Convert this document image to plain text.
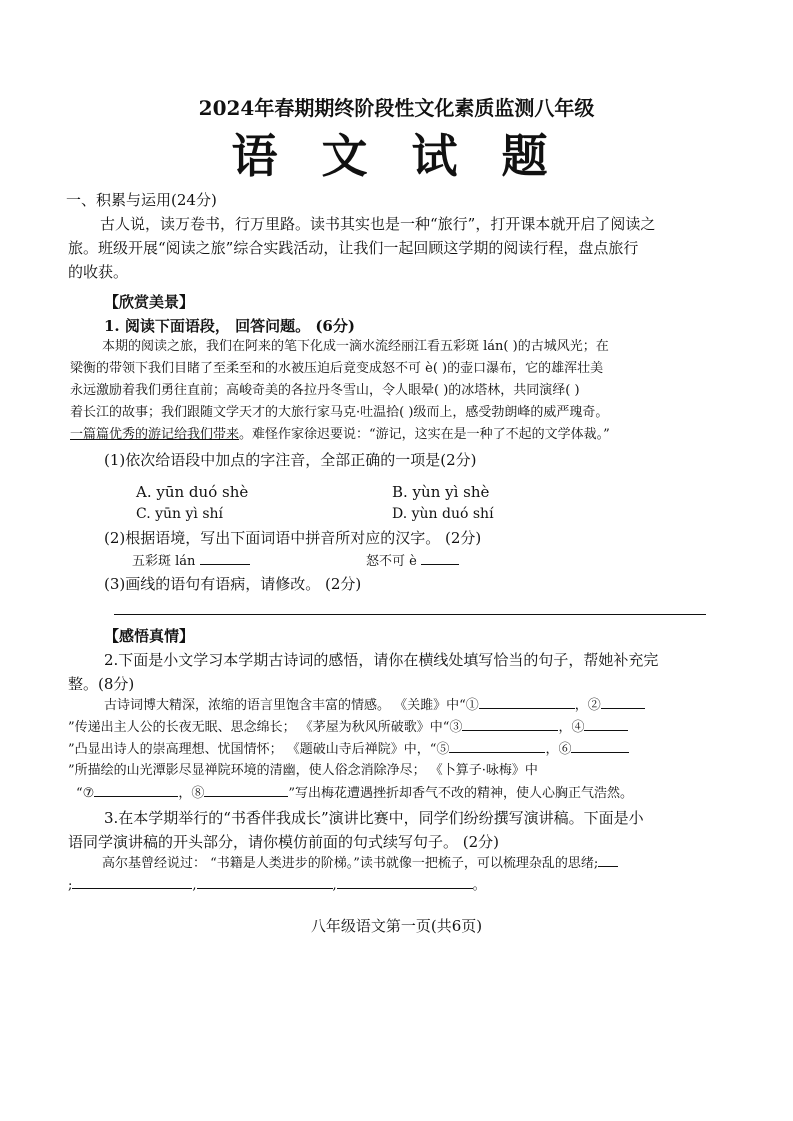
2024年春期期终阶段性文化素质监测八年级
语 文 试 题
一、积累与运用(24分)
古人说，读万卷书，行万里路。读书其实也是一种“旅行”，打开课本就开启了阅读之
旅。班级开展“阅读之旅”综合实践活动，让我们一起回顾这学期的阅读行程，盘点旅行
的收获。
【欣赏美景】
1. 阅读下面语段， 回答问题。 (6分)
本期的阅读之旅，我们在阿来的笔下化成一滴水流经丽江看五彩斑 lán( )的古城风光；在
梁衡的带领下我们目睹了至柔至和的水被压迫后竟变成怒不可 è( )的壶口瀑布，它的雄浑壮美
永远激励着我们勇往直前；高峻奇美的各拉丹冬雪山，令人眼晕( )的冰塔林，共同演绎( )
着长江的故事；我们跟随文学天才的大旅行家马克·吐温拾( )级而上，感受勃朗峰的威严瑰奇。
一篇篇优秀的游记给我们带来。难怪作家徐迟要说：“游记，这实在是一种了不起的文学体裁。”
(1)依次给语段中加点的字注音，全部正确的一项是(2分)
A. yūn duó shè	B. yùn yì shè
C. yūn yì shí	D. yùn duó shí
(2)根据语境，写出下面词语中拼音所对应的汉字。 (2分)
五彩斑 lán	怒不可 è
(3)画线的语句有语病，请修改。 (2分)
【感悟真情】
2.下面是小文学习本学期古诗词的感悟，请你在横线处填写恰当的句子，帮她补充完
整。(8分)
古诗词博大精深，浓缩的语言里饱含丰富的情感。 《关雎》中“①	，②
”传递出主人公的长夜无眠、思念绵长； 《茅屋为秋风所破歌》中“③	，④
”凸显出诗人的崇高理想、忧国情怀； 《题破山寺后禅院》中，“⑤	，⑥
”所描绘的山光潭影尽显禅院环境的清幽，使人俗念消除净尽； 《卜算子·咏梅》中
“⑦	，⑧	”写出梅花遭遇挫折却香气不改的精神，使人心胸正气浩然。
3.在本学期举行的“书香伴我成长”演讲比赛中，同学们纷纷撰写演讲稿。下面是小
语同学演讲稿的开头部分，请你模仿前面的句式续写句子。 (2分)
高尔基曾经说过： “书籍是人类进步的阶梯。”读书就像一把梳子，可以梳理杂乱的思绪;
;	,	,	。
八年级语文第一页(共6页)
